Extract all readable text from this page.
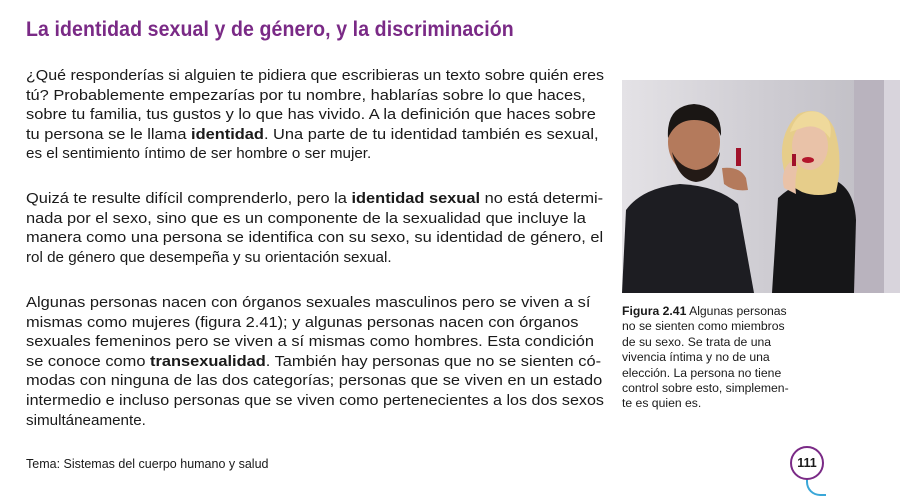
La identidad sexual y de género, y la discriminación
¿Qué responderías si alguien te pidiera que escribieras un texto sobre quién eres
tú? Probablemente empezarías por tu nombre, hablarías sobre lo que haces,
sobre tu familia, tus gustos y lo que has vivido. A la definición que haces sobre
tu persona se le llama identidad. Una parte de tu identidad también es sexual,
es el sentimiento íntimo de ser hombre o ser mujer.
Quizá te resulte difícil comprenderlo, pero la identidad sexual no está determi-
nada por el sexo, sino que es un componente de la sexualidad que incluye la
manera como una persona se identifica con su sexo, su identidad de género, el
rol de género que desempeña y su orientación sexual.
Algunas personas nacen con órganos sexuales masculinos pero se viven a sí
mismas como mujeres (figura 2.41); y algunas personas nacen con órganos
sexuales femeninos pero se viven a sí mismas como hombres. Esta condición
se conoce como transexualidad. También hay personas que no se sienten có-
modas con ninguna de las dos categorías; personas que se viven en un estado
intermedio e incluso personas que se viven como pertenecientes a los dos sexos
simultáneamente.
Figura 2.41 Algunas personas
no se sienten como miembros
de su sexo. Se trata de una
vivencia íntima y no de una
elección. La persona no tiene
control sobre esto, simplemen-
te es quien es.
Tema: Sistemas del cuerpo humano y salud	111
